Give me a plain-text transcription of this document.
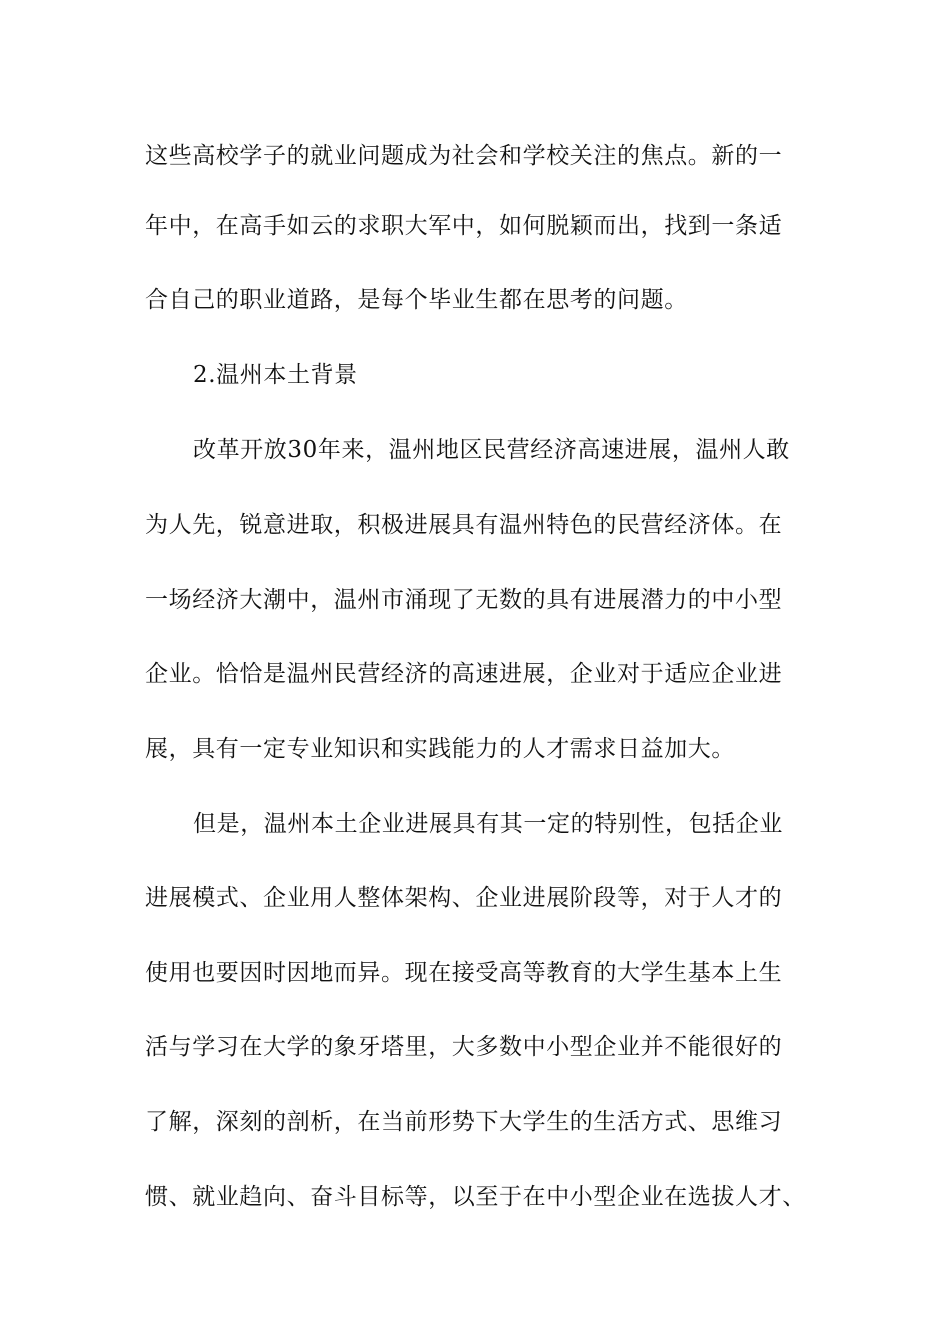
这些高校学子的就业问题成为社会和学校关注的焦点。新的一
年中，在高手如云的求职大军中，如何脱颖而出，找到一条适
合自己的职业道路，是每个毕业生都在思考的问题。
2.温州本土背景
改革开放30年来，温州地区民营经济高速进展，温州人敢
为人先，锐意进取，积极进展具有温州特色的民营经济体。在
一场经济大潮中，温州市涌现了无数的具有进展潜力的中小型
企业。恰恰是温州民营经济的高速进展，企业对于适应企业进
展，具有一定专业知识和实践能力的人才需求日益加大。
但是，温州本土企业进展具有其一定的特别性，包括企业
进展模式、企业用人整体架构、企业进展阶段等，对于人才的
使用也要因时因地而异。现在接受高等教育的大学生基本上生
活与学习在大学的象牙塔里，大多数中小型企业并不能很好的
了解，深刻的剖析，在当前形势下大学生的生活方式、思维习
惯、就业趋向、奋斗目标等，以至于在中小型企业在选拔人才、
